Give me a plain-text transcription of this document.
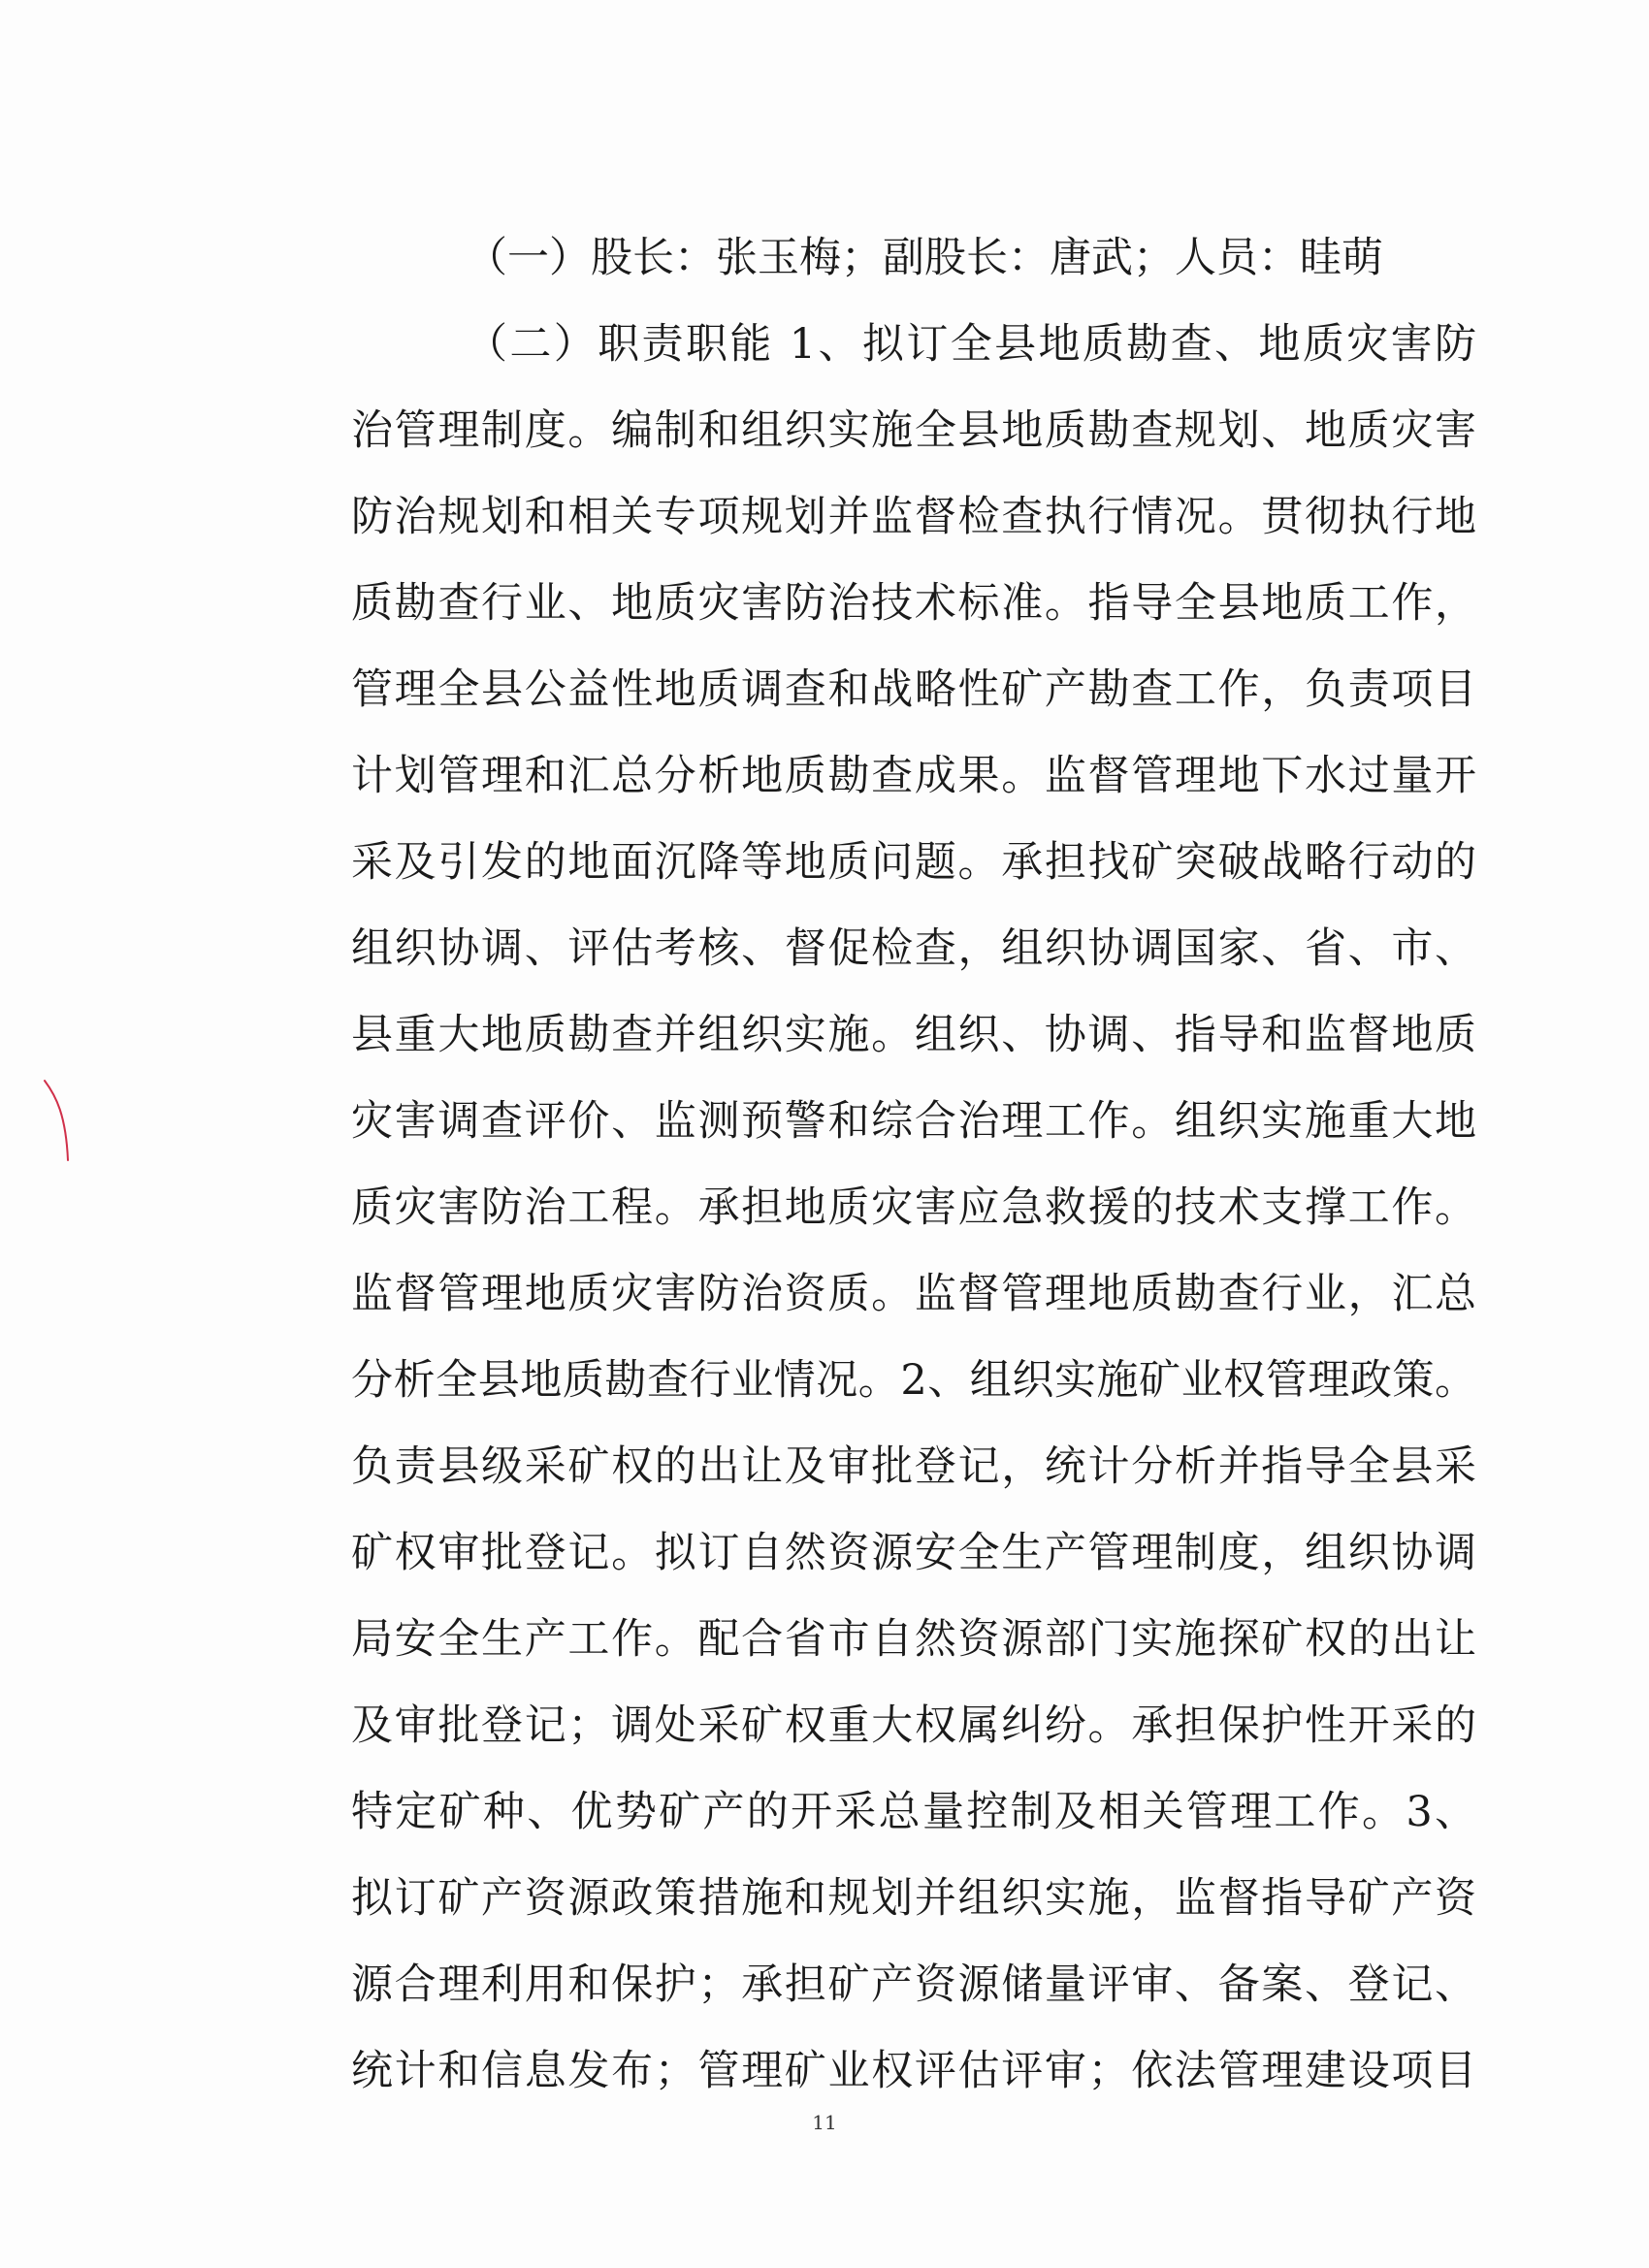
（一）股长：张玉梅；副股长：唐武；人员：眭萌
（二）职责职能 1、拟订全县地质勘查、地质灾害防
治管理制度。编制和组织实施全县地质勘查规划、地质灾害
防治规划和相关专项规划并监督检查执行情况。贯彻执行地
质勘查行业、地质灾害防治技术标准。指导全县地质工作，
管理全县公益性地质调查和战略性矿产勘查工作，负责项目
计划管理和汇总分析地质勘查成果。监督管理地下水过量开
采及引发的地面沉降等地质问题。承担找矿突破战略行动的
组织协调、评估考核、督促检查，组织协调国家、省、市、
县重大地质勘查并组织实施。组织、协调、指导和监督地质
灾害调查评价、监测预警和综合治理工作。组织实施重大地
质灾害防治工程。承担地质灾害应急救援的技术支撑工作。
监督管理地质灾害防治资质。监督管理地质勘查行业，汇总
分析全县地质勘查行业情况。2、组织实施矿业权管理政策。
负责县级采矿权的出让及审批登记，统计分析并指导全县采
矿权审批登记。拟订自然资源安全生产管理制度，组织协调
局安全生产工作。配合省市自然资源部门实施探矿权的出让
及审批登记；调处采矿权重大权属纠纷。承担保护性开采的
特定矿种、优势矿产的开采总量控制及相关管理工作。3、
拟订矿产资源政策措施和规划并组织实施，监督指导矿产资
源合理利用和保护；承担矿产资源储量评审、备案、登记、
统计和信息发布；管理矿业权评估评审；依法管理建设项目
11
